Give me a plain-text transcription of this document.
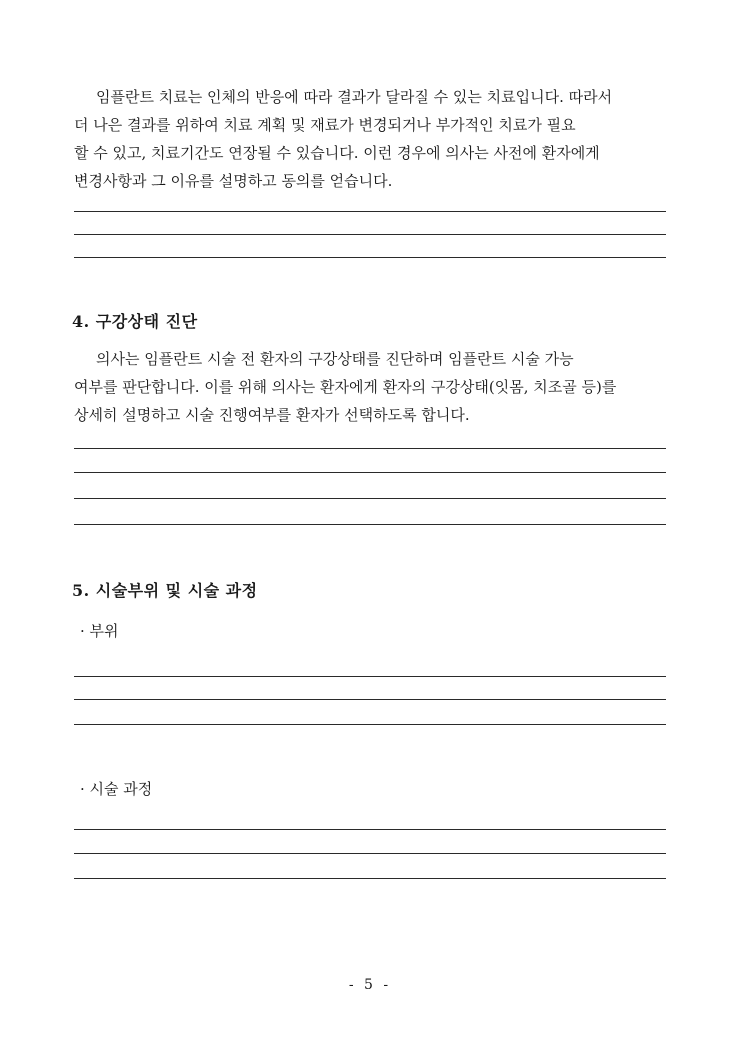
임플란트 치료는 인체의 반응에 따라 결과가 달라질 수 있는 치료입니다. 따라서
더 나은 결과를 위하여 치료 계획 및 재료가 변경되거나 부가적인 치료가 필요
할 수 있고, 치료기간도 연장될 수 있습니다. 이런 경우에 의사는 사전에 환자에게
변경사항과 그 이유를 설명하고 동의를 얻습니다.
4. 구강상태 진단
의사는 임플란트 시술 전 환자의 구강상태를 진단하며 임플란트 시술 가능
여부를 판단합니다. 이를 위해 의사는 환자에게 환자의 구강상태(잇몸, 치조골 등)를
상세히 설명하고 시술 진행여부를 환자가 선택하도록 합니다.
5. 시술부위 및 시술 과정
· 부위
· 시술 과정
- 5 -
